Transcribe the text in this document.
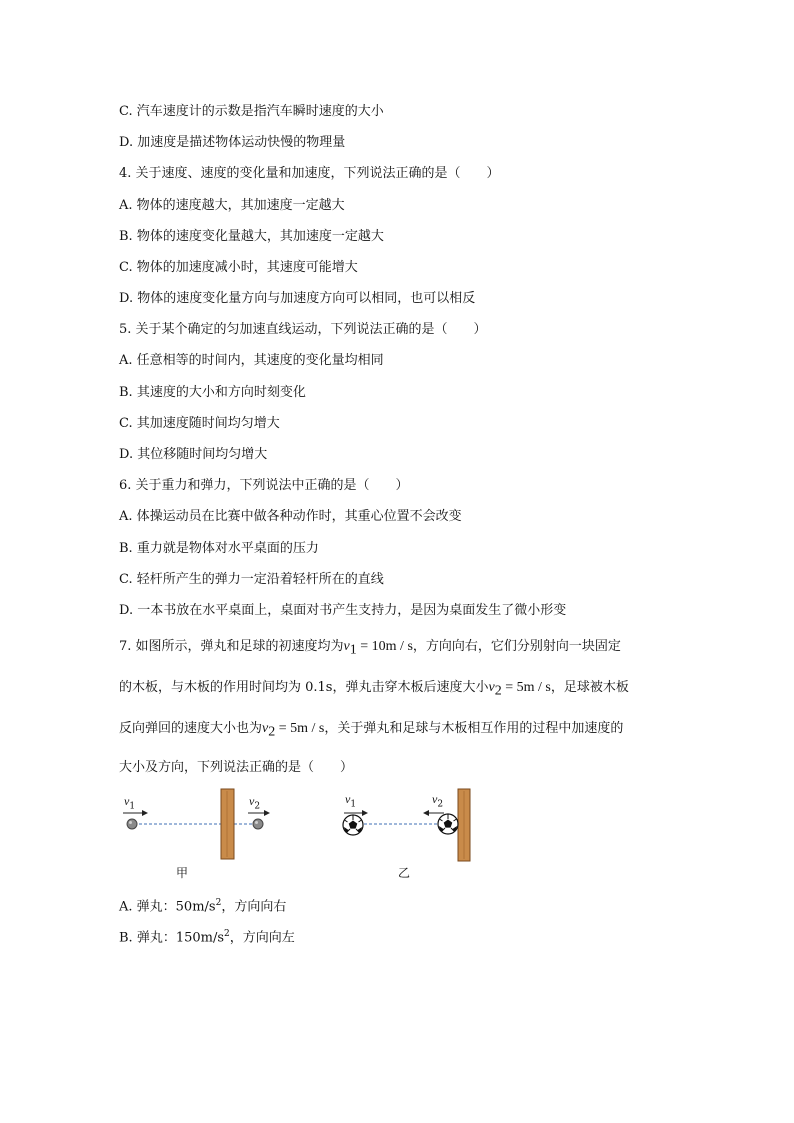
C. 汽车速度计的示数是指汽车瞬时速度的大小
D. 加速度是描述物体运动快慢的物理量
4. 关于速度、速度的变化量和加速度，下列说法正确的是（　　）
A. 物体的速度越大，其加速度一定越大
B. 物体的速度变化量越大，其加速度一定越大
C. 物体的加速度减小时，其速度可能增大
D. 物体的速度变化量方向与加速度方向可以相同，也可以相反
5. 关于某个确定的匀加速直线运动，下列说法正确的是（　　）
A. 任意相等的时间内，其速度的变化量均相同
B. 其速度的大小和方向时刻变化
C. 其加速度随时间均匀增大
D. 其位移随时间均匀增大
6. 关于重力和弹力，下列说法中正确的是（　　）
A. 体操运动员在比赛中做各种动作时，其重心位置不会改变
B. 重力就是物体对水平桌面的压力
C. 轻杆所产生的弹力一定沿着轻杆所在的直线
D. 一本书放在水平桌面上，桌面对书产生支持力，是因为桌面发生了微小形变
7. 如图所示，弹丸和足球的初速度均为$v_1 = 10m / s$，方向向右，它们分别射向一块固定
的木板，与木板的作用时间均为 0.1s，弹丸击穿木板后速度大小$v_2 = 5m / s$，足球被木板
反向弹回的速度大小也为$v_2 = 5m / s$，关于弹丸和足球与木板相互作用的过程中加速度的
大小及方向，下列说法正确的是（　　）
$v_1$	$v_2$
$v_1$	$v_2$
甲	乙
A. 弹丸：$50m/s^2$，方向向右
B. 弹丸：$150m/s^2$，方向向左
